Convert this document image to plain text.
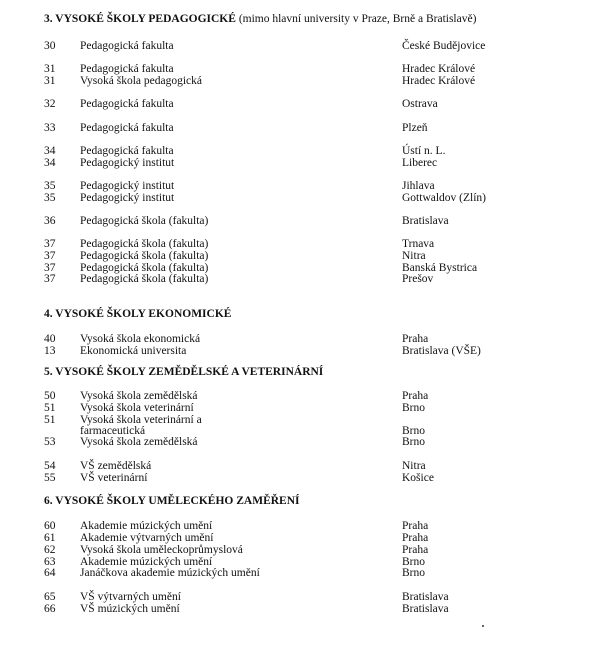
3. VYSOKÉ ŠKOLY PEDAGOGICKÉ (mimo hlavní university v Praze, Brně a Bratislavě)
30 Pedagogická fakulta	České Budějovice
31 Pedagogická fakulta	Hradec Králové
31 Vysoká škola pedagogická	Hradec Králové
32 Pedagogická fakulta	Ostrava
33 Pedagogická fakulta	Plzeň
34 Pedagogická fakulta	Ústí n. L.
34 Pedagogický institut	Liberec
35 Pedagogický institut	Jihlava
35 Pedagogický institut	Gottwaldov (Zlín)
36 Pedagogická škola (fakulta)	Bratislava
37 Pedagogická škola (fakulta)	Trnava
37 Pedagogická škola (fakulta)	Nitra
37 Pedagogická škola (fakulta)	Banská Bystrica
37 Pedagogická škola (fakulta)	Prešov
4. VYSOKÉ ŠKOLY EKONOMICKÉ
40 Vysoká škola ekonomická	Praha
13 Ekonomická universita	Bratislava (VŠE)
5. VYSOKÉ ŠKOLY ZEMĚDĚLSKÉ A VETERINÁRNÍ
50 Vysoká škola zemědělská	Praha
51 Vysoká škola veterinární	Brno
51 Vysoká škola veterinární a
farmaceutická	Brno
53 Vysoká škola zemědělská	Brno
54 VŠ zemědělská	Nitra
55 VŠ veterinární	Košice
6. VYSOKÉ ŠKOLY UMĚLECKÉHO ZAMĚŘENÍ
60 Akademie múzických umění	Praha
61 Akademie výtvarných umění	Praha
62 Vysoká škola uměleckoprůmyslová	Praha
63 Akademie múzických umění	Brno
64 Janáčkova akademie múzických umění	Brno
65 VŠ výtvarných umění	Bratislava
66 VŠ múzických umění	Bratislava
